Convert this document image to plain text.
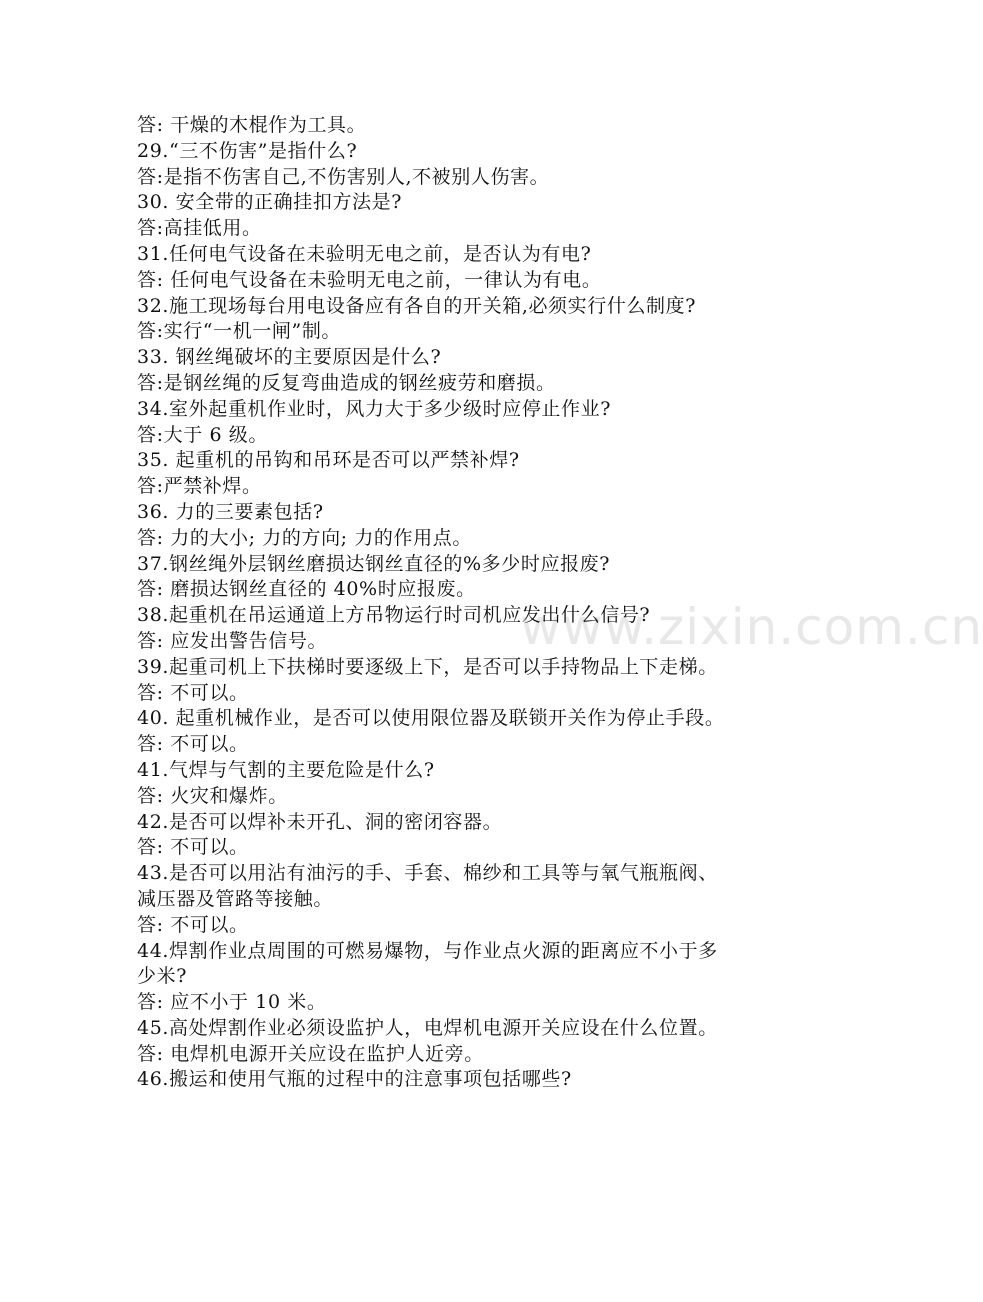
www.zixin.com.cn
答: 干燥的木棍作为工具。
29.“三不伤害”是指什么?
答:是指不伤害自己,不伤害别人,不被别人伤害。
30. 安全带的正确挂扣方法是?
答:高挂低用。
31.任何电气设备在未验明无电之前，是否认为有电?
答: 任何电气设备在未验明无电之前，一律认为有电。
32.施工现场每台用电设备应有各自的开关箱,必须实行什么制度?
答:实行“一机一闸”制。
33. 钢丝绳破坏的主要原因是什么?
答:是钢丝绳的反复弯曲造成的钢丝疲劳和磨损。
34.室外起重机作业时，风力大于多少级时应停止作业?
答:大于 6 级。
35. 起重机的吊钩和吊环是否可以严禁补焊?
答:严禁补焊。
36. 力的三要素包括?
答: 力的大小; 力的方向; 力的作用点。
37.钢丝绳外层钢丝磨损达钢丝直径的%多少时应报废?
答: 磨损达钢丝直径的 40%时应报废。
38.起重机在吊运通道上方吊物运行时司机应发出什么信号?
答: 应发出警告信号。
39.起重司机上下扶梯时要逐级上下，是否可以手持物品上下走梯。
答: 不可以。
40. 起重机械作业，是否可以使用限位器及联锁开关作为停止手段。
答: 不可以。
41.气焊与气割的主要危险是什么?
答: 火灾和爆炸。
42.是否可以焊补未开孔、洞的密闭容器。
答: 不可以。
43.是否可以用沾有油污的手、手套、棉纱和工具等与氧气瓶瓶阀、
减压器及管路等接触。
答: 不可以。
44.焊割作业点周围的可燃易爆物，与作业点火源的距离应不小于多
少米?
答: 应不小于 10 米。
45.高处焊割作业必须设监护人，电焊机电源开关应设在什么位置。
答: 电焊机电源开关应设在监护人近旁。
46.搬运和使用气瓶的过程中的注意事项包括哪些?
